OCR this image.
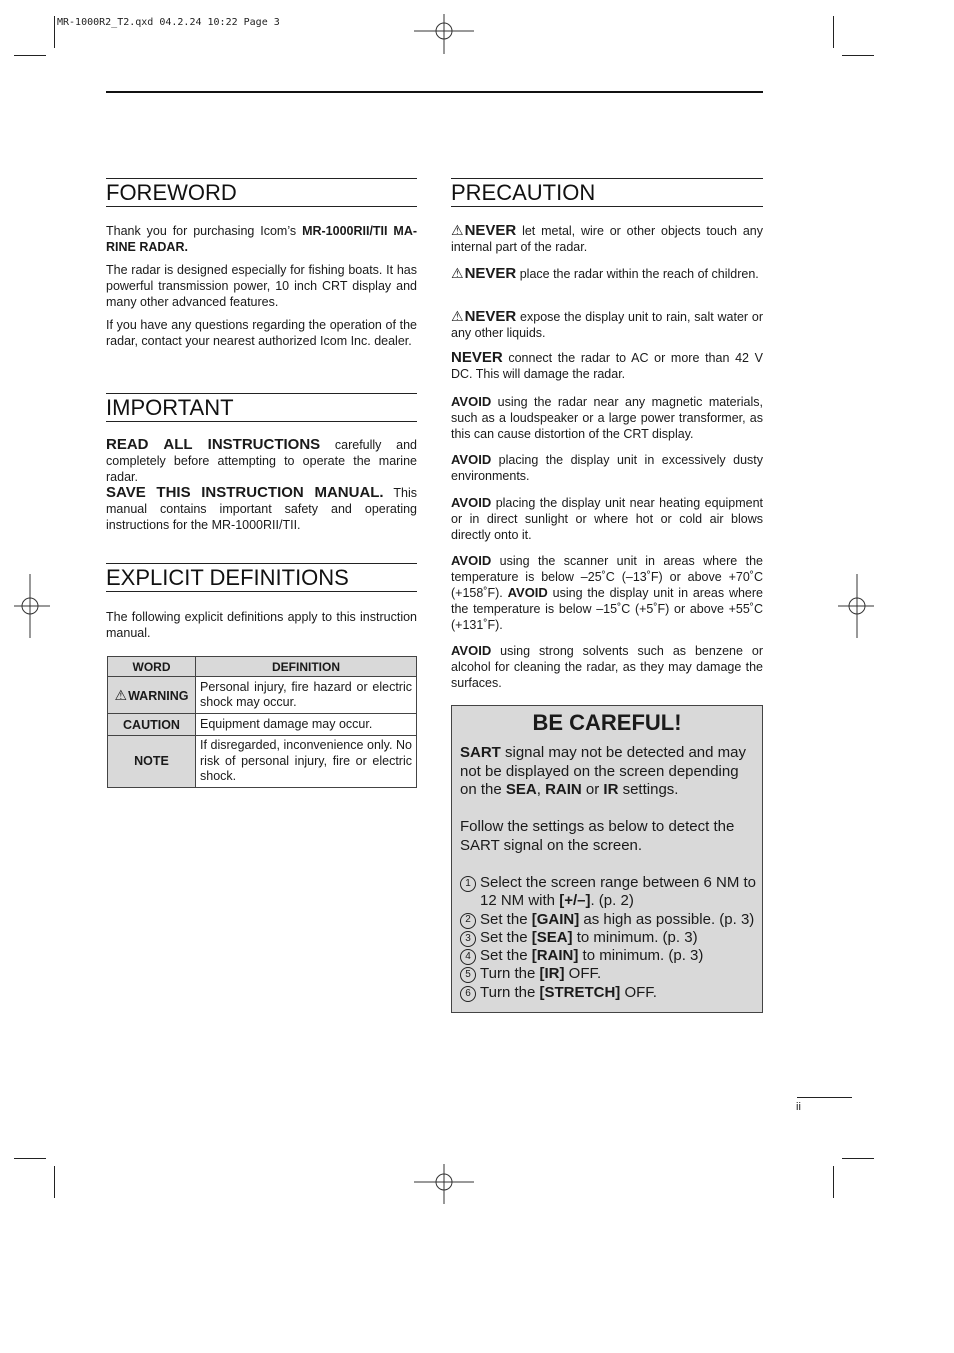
MR-1000R2_T2.qxd 04.2.24 10:22 Page 3
FOREWORD
Thank you for purchasing Icom’s MR-1000RII/TII MA-RINE RADAR.
The radar is designed especially for fishing boats. It has powerful transmission power, 10 inch CRT display and many other advanced features.
If you have any questions regarding the operation of the radar, contact your nearest authorized Icom Inc. dealer.
IMPORTANT
READ ALL INSTRUCTIONS carefully and completely before attempting to operate the marine radar.
SAVE THIS INSTRUCTION MANUAL. This manual contains important safety and operating instructions for the MR-1000RII/TII.
EXPLICIT DEFINITIONS
The following explicit definitions apply to this instruction manual.
WORD	DEFINITION
⚠WARNING	Personal injury, fire hazard or electric shock may occur.
CAUTION	Equipment damage may occur.
NOTE	If disregarded, inconvenience only. No risk of personal injury, fire or electric shock.
PRECAUTION
⚠NEVER let metal, wire or other objects touch any internal part of the radar.
⚠NEVER place the radar within the reach of children.
⚠NEVER expose the display unit to rain, salt water or any other liquids.
NEVER connect the radar to AC or more than 42 V DC. This will damage the radar.
AVOID using the radar near any magnetic materials, such as a loudspeaker or a large power transformer, as this can cause distortion of the CRT display.
AVOID placing the display unit in excessively dusty environments.
AVOID placing the display unit near heating equipment or in direct sunlight or where hot or cold air blows directly onto it.
AVOID using the scanner unit in areas where the temperature is below –25˚C (–13˚F) or above +70˚C (+158˚F). AVOID using the display unit in areas where the temperature is below –15˚C (+5˚F) or above +55˚C (+131˚F).
AVOID using strong solvents such as benzene or alcohol for cleaning the radar, as they may damage the surfaces.
BE CAREFUL!
SART signal may not be detected and may not be displayed on the screen depending on the SEA, RAIN or IR settings.
Follow the settings as below to detect the SART signal on the screen.
1 Select the screen range between 6 NM to 12 NM with [+/–]. (p. 2)
2 Set the [GAIN] as high as possible. (p. 3)
3 Set the [SEA] to minimum. (p. 3)
4 Set the [RAIN] to minimum. (p. 3)
5 Turn the [IR] OFF.
6 Turn the [STRETCH] OFF.
ii
